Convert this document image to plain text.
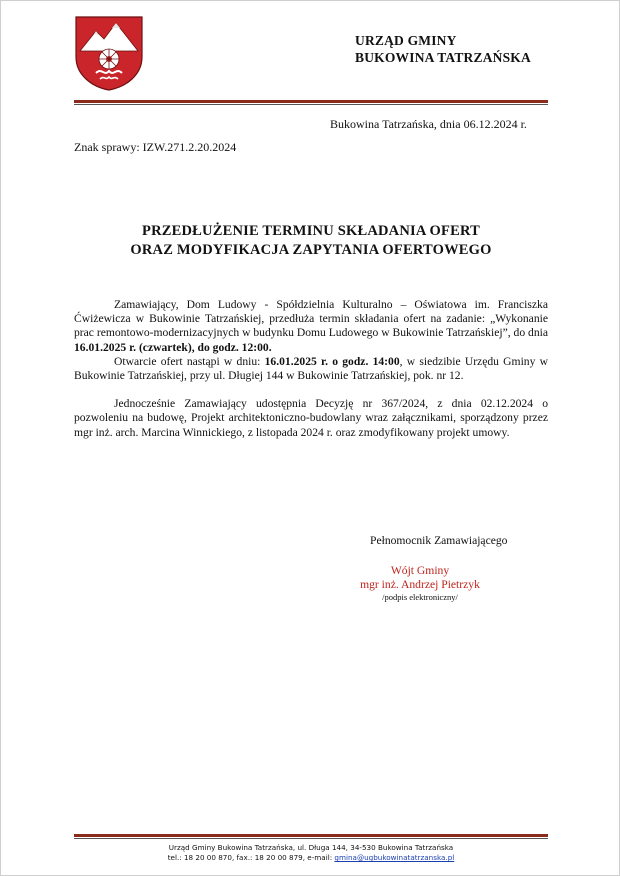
URZĄD GMINY
BUKOWINA TATRZAŃSKA
Bukowina Tatrzańska, dnia 06.12.2024 r.
Znak sprawy: IZW.271.2.20.2024
PRZEDŁUŻENIE TERMINU SKŁADANIA OFERT
ORAZ MODYFIKACJA ZAPYTANIA OFERTOWEGO

Zamawiający, Dom Ludowy - Spółdzielnia Kulturalno – Oświatowa im. Franciszka Ćwiżewicza w Bukowinie Tatrzańskiej, przedłuża termin składania ofert na zadanie: „Wykonanie prac remontowo-modernizacyjnych w budynku Domu Ludowego w Bukowinie Tatrzańskiej”, do dnia 16.01.2025 r. (czwartek), do godz. 12:00.

Otwarcie ofert nastąpi w dniu: 16.01.2025 r. o godz. 14:00, w siedzibie Urzędu Gminy w Bukowinie Tatrzańskiej, przy ul. Długiej 144 w Bukowinie Tatrzańskiej, pok. nr 12.

Jednocześnie Zamawiający udostępnia Decyzję nr 367/2024, z dnia 02.12.2024 o pozwoleniu na budowę, Projekt architektoniczno-budowlany wraz załącznikami, sporządzony przez mgr inż. arch. Marcina Winnickiego, z listopada 2024 r. oraz zmodyfikowany projekt umowy.

Pełnomocnik Zamawiającego
Wójt Gminy
mgr inż. Andrzej Pietrzyk
/podpis elektroniczny/
Urząd Gminy Bukowina Tatrzańska, ul. Długa 144, 34-530 Bukowina Tatrzańska
tel.: 18 20 00 870, fax.: 18 20 00 879, e-mail: gmina@ugbukowinatatrzanska.pl
